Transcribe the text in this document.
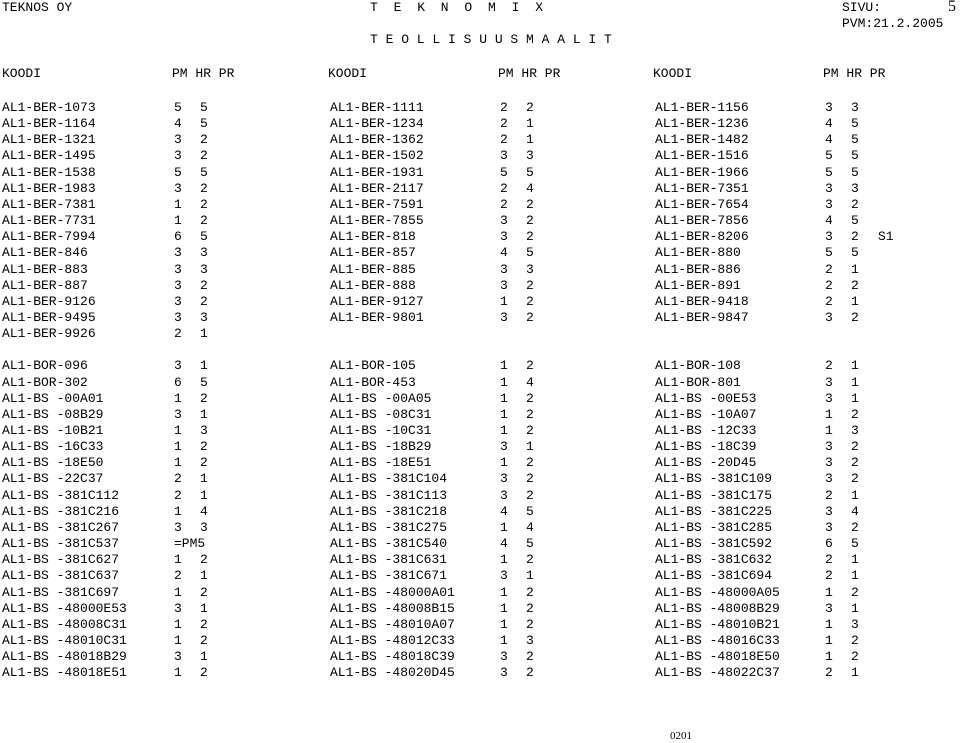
TEKNOS OY	T E K N O M I X	SIVU:	5
PVM:21.2.2005
T E O L L I S U U S M A A L I T
KOODI	PM HR PR	KOODI	PM HR PR	KOODI	PM HR PR
AL1-BER-1073	5 5	AL1-BER-1111	2 2	AL1-BER-1156	3 3
AL1-BER-1164	4 5	AL1-BER-1234	2 1	AL1-BER-1236	4 5
AL1-BER-1321	3 2	AL1-BER-1362	2 1	AL1-BER-1482	4 5
AL1-BER-1495	3 2	AL1-BER-1502	3 3	AL1-BER-1516	5 5
AL1-BER-1538	5 5	AL1-BER-1931	5 5	AL1-BER-1966	5 5
AL1-BER-1983	3 2	AL1-BER-2117	2 4	AL1-BER-7351	3 3
AL1-BER-7381	1 2	AL1-BER-7591	2 2	AL1-BER-7654	3 2
AL1-BER-7731	1 2	AL1-BER-7855	3 2	AL1-BER-7856	4 5
AL1-BER-7994	6 5	AL1-BER-818	3 2	AL1-BER-8206	3 2 S1
AL1-BER-846	3 3	AL1-BER-857	4 5	AL1-BER-880	5 5
AL1-BER-883	3 3	AL1-BER-885	3 3	AL1-BER-886	2 1
AL1-BER-887	3 2	AL1-BER-888	3 2	AL1-BER-891	2 2
AL1-BER-9126	3 2	AL1-BER-9127	1 2	AL1-BER-9418	2 1
AL1-BER-9495	3 3	AL1-BER-9801	3 2	AL1-BER-9847	3 2
AL1-BER-9926	2 1
AL1-BOR-096	3 1	AL1-BOR-105	1 2	AL1-BOR-108	2 1
AL1-BOR-302	6 5	AL1-BOR-453	1 4	AL1-BOR-801	3 1
AL1-BS -00A01	1 2	AL1-BS -00A05	1 2	AL1-BS -00E53	3 1
AL1-BS -08B29	3 1	AL1-BS -08C31	1 2	AL1-BS -10A07	1 2
AL1-BS -10B21	1 3	AL1-BS -10C31	1 2	AL1-BS -12C33	1 3
AL1-BS -16C33	1 2	AL1-BS -18B29	3 1	AL1-BS -18C39	3 2
AL1-BS -18E50	1 2	AL1-BS -18E51	1 2	AL1-BS -20D45	3 2
AL1-BS -22C37	2 1	AL1-BS -381C104	3 2	AL1-BS -381C109	3 2
AL1-BS -381C112	2 1	AL1-BS -381C113	3 2	AL1-BS -381C175	2 1
AL1-BS -381C216	1 4	AL1-BS -381C218	4 5	AL1-BS -381C225	3 4
AL1-BS -381C267	3 3	AL1-BS -381C275	1 4	AL1-BS -381C285	3 2
AL1-BS -381C537	=PM5	AL1-BS -381C540	4 5	AL1-BS -381C592	6 5
AL1-BS -381C627	1 2	AL1-BS -381C631	1 2	AL1-BS -381C632	2 1
AL1-BS -381C637	2 1	AL1-BS -381C671	3 1	AL1-BS -381C694	2 1
AL1-BS -381C697	1 2	AL1-BS -48000A01	1 2	AL1-BS -48000A05	1 2
AL1-BS -48000E53	3 1	AL1-BS -48008B15	1 2	AL1-BS -48008B29	3 1
AL1-BS -48008C31	1 2	AL1-BS -48010A07	1 2	AL1-BS -48010B21	1 3
AL1-BS -48010C31	1 2	AL1-BS -48012C33	1 3	AL1-BS -48016C33	1 2
AL1-BS -48018B29	3 1	AL1-BS -48018C39	3 2	AL1-BS -48018E50	1 2
AL1-BS -48018E51	1 2	AL1-BS -48020D45	3 2	AL1-BS -48022C37	2 1
0201
